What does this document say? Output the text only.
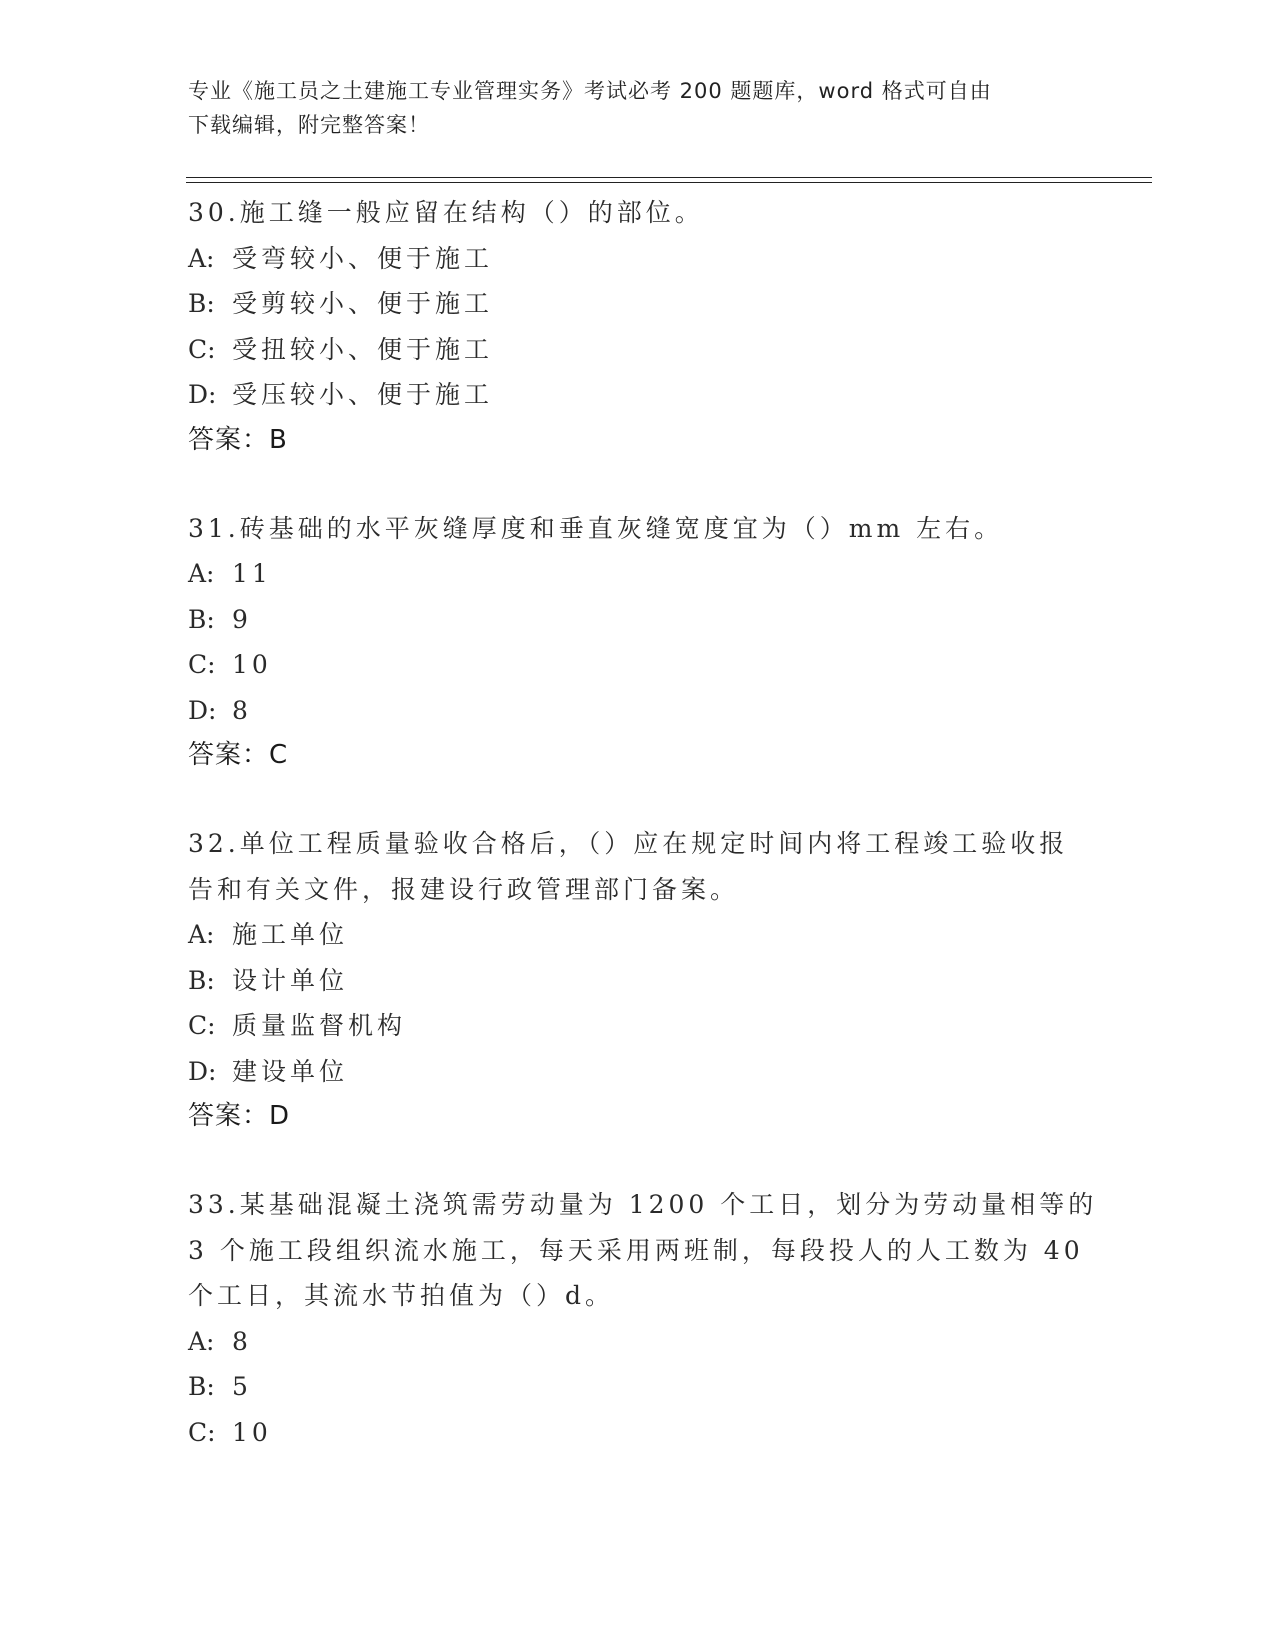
专业《施工员之土建施工专业管理实务》考试必考 200 题题库，word 格式可自由
下载编辑，附完整答案！
30.施工缝一般应留在结构（）的部位。
A: 受弯较小、便于施工
B: 受剪较小、便于施工
C: 受扭较小、便于施工
D: 受压较小、便于施工
答案：B
31.砖基础的水平灰缝厚度和垂直灰缝宽度宜为（）mm 左右。
A: 11
B: 9
C: 10
D: 8
答案：C
32.单位工程质量验收合格后，（）应在规定时间内将工程竣工验收报
告和有关文件，报建设行政管理部门备案。
A: 施工单位
B: 设计单位
C: 质量监督机构
D: 建设单位
答案：D
33.某基础混凝土浇筑需劳动量为 1200 个工日，划分为劳动量相等的
3 个施工段组织流水施工，每天采用两班制，每段投人的人工数为 40
个工日，其流水节拍值为（）d。
A: 8
B: 5
C: 10
